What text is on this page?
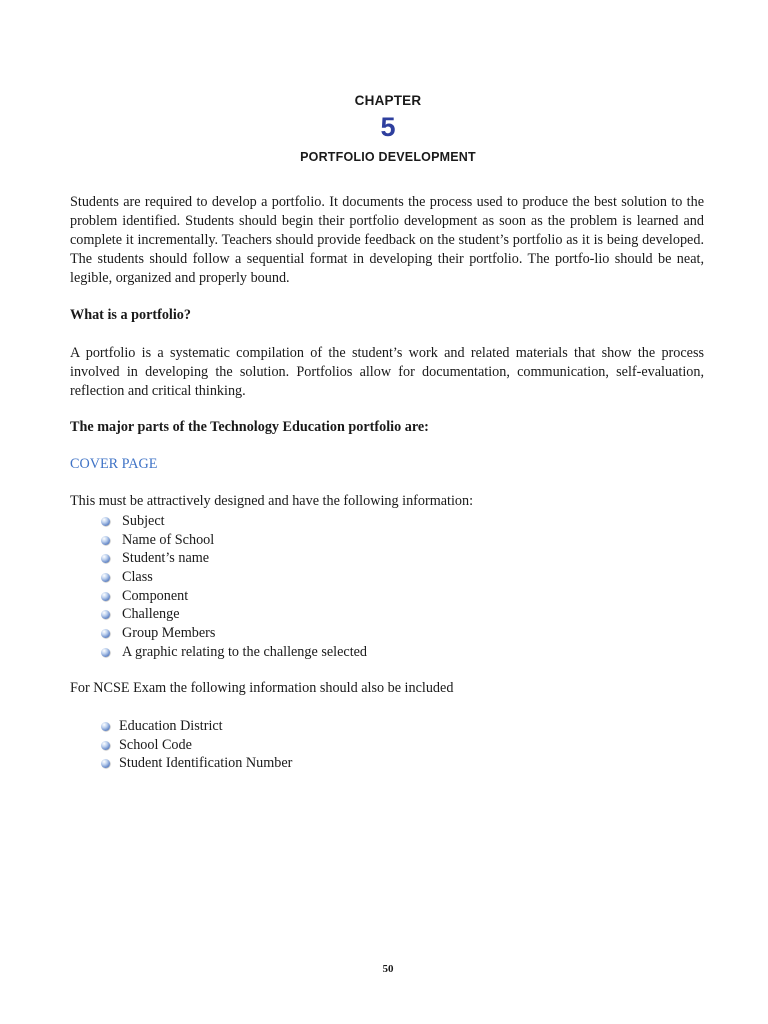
CHAPTER
5
PORTFOLIO DEVELOPMENT

Students are required to develop a portfolio. It documents the process used to produce the best solution to the problem identified. Students should begin their portfolio development as soon as the problem is learned and complete it incrementally. Teachers should provide feedback on the student’s portfolio as it is being developed. The students should follow a sequential format in developing their portfolio. The portfo-lio should be neat, legible, organized and properly bound.

What is a portfolio?

A portfolio is a systematic compilation of the student’s work and related materials that show the process involved in developing the solution. Portfolios allow for documentation, communication, self-evaluation, reflection and critical thinking.

The major parts of the Technology Education portfolio are:

COVER PAGE

This must be attractively designed and have the following information:

Subject
Name of School
Student’s name
Class
Component
Challenge
Group Members
A graphic relating to the challenge selected

For NCSE Exam the following information should also be included

Education District
School Code
Student Identification Number
50
